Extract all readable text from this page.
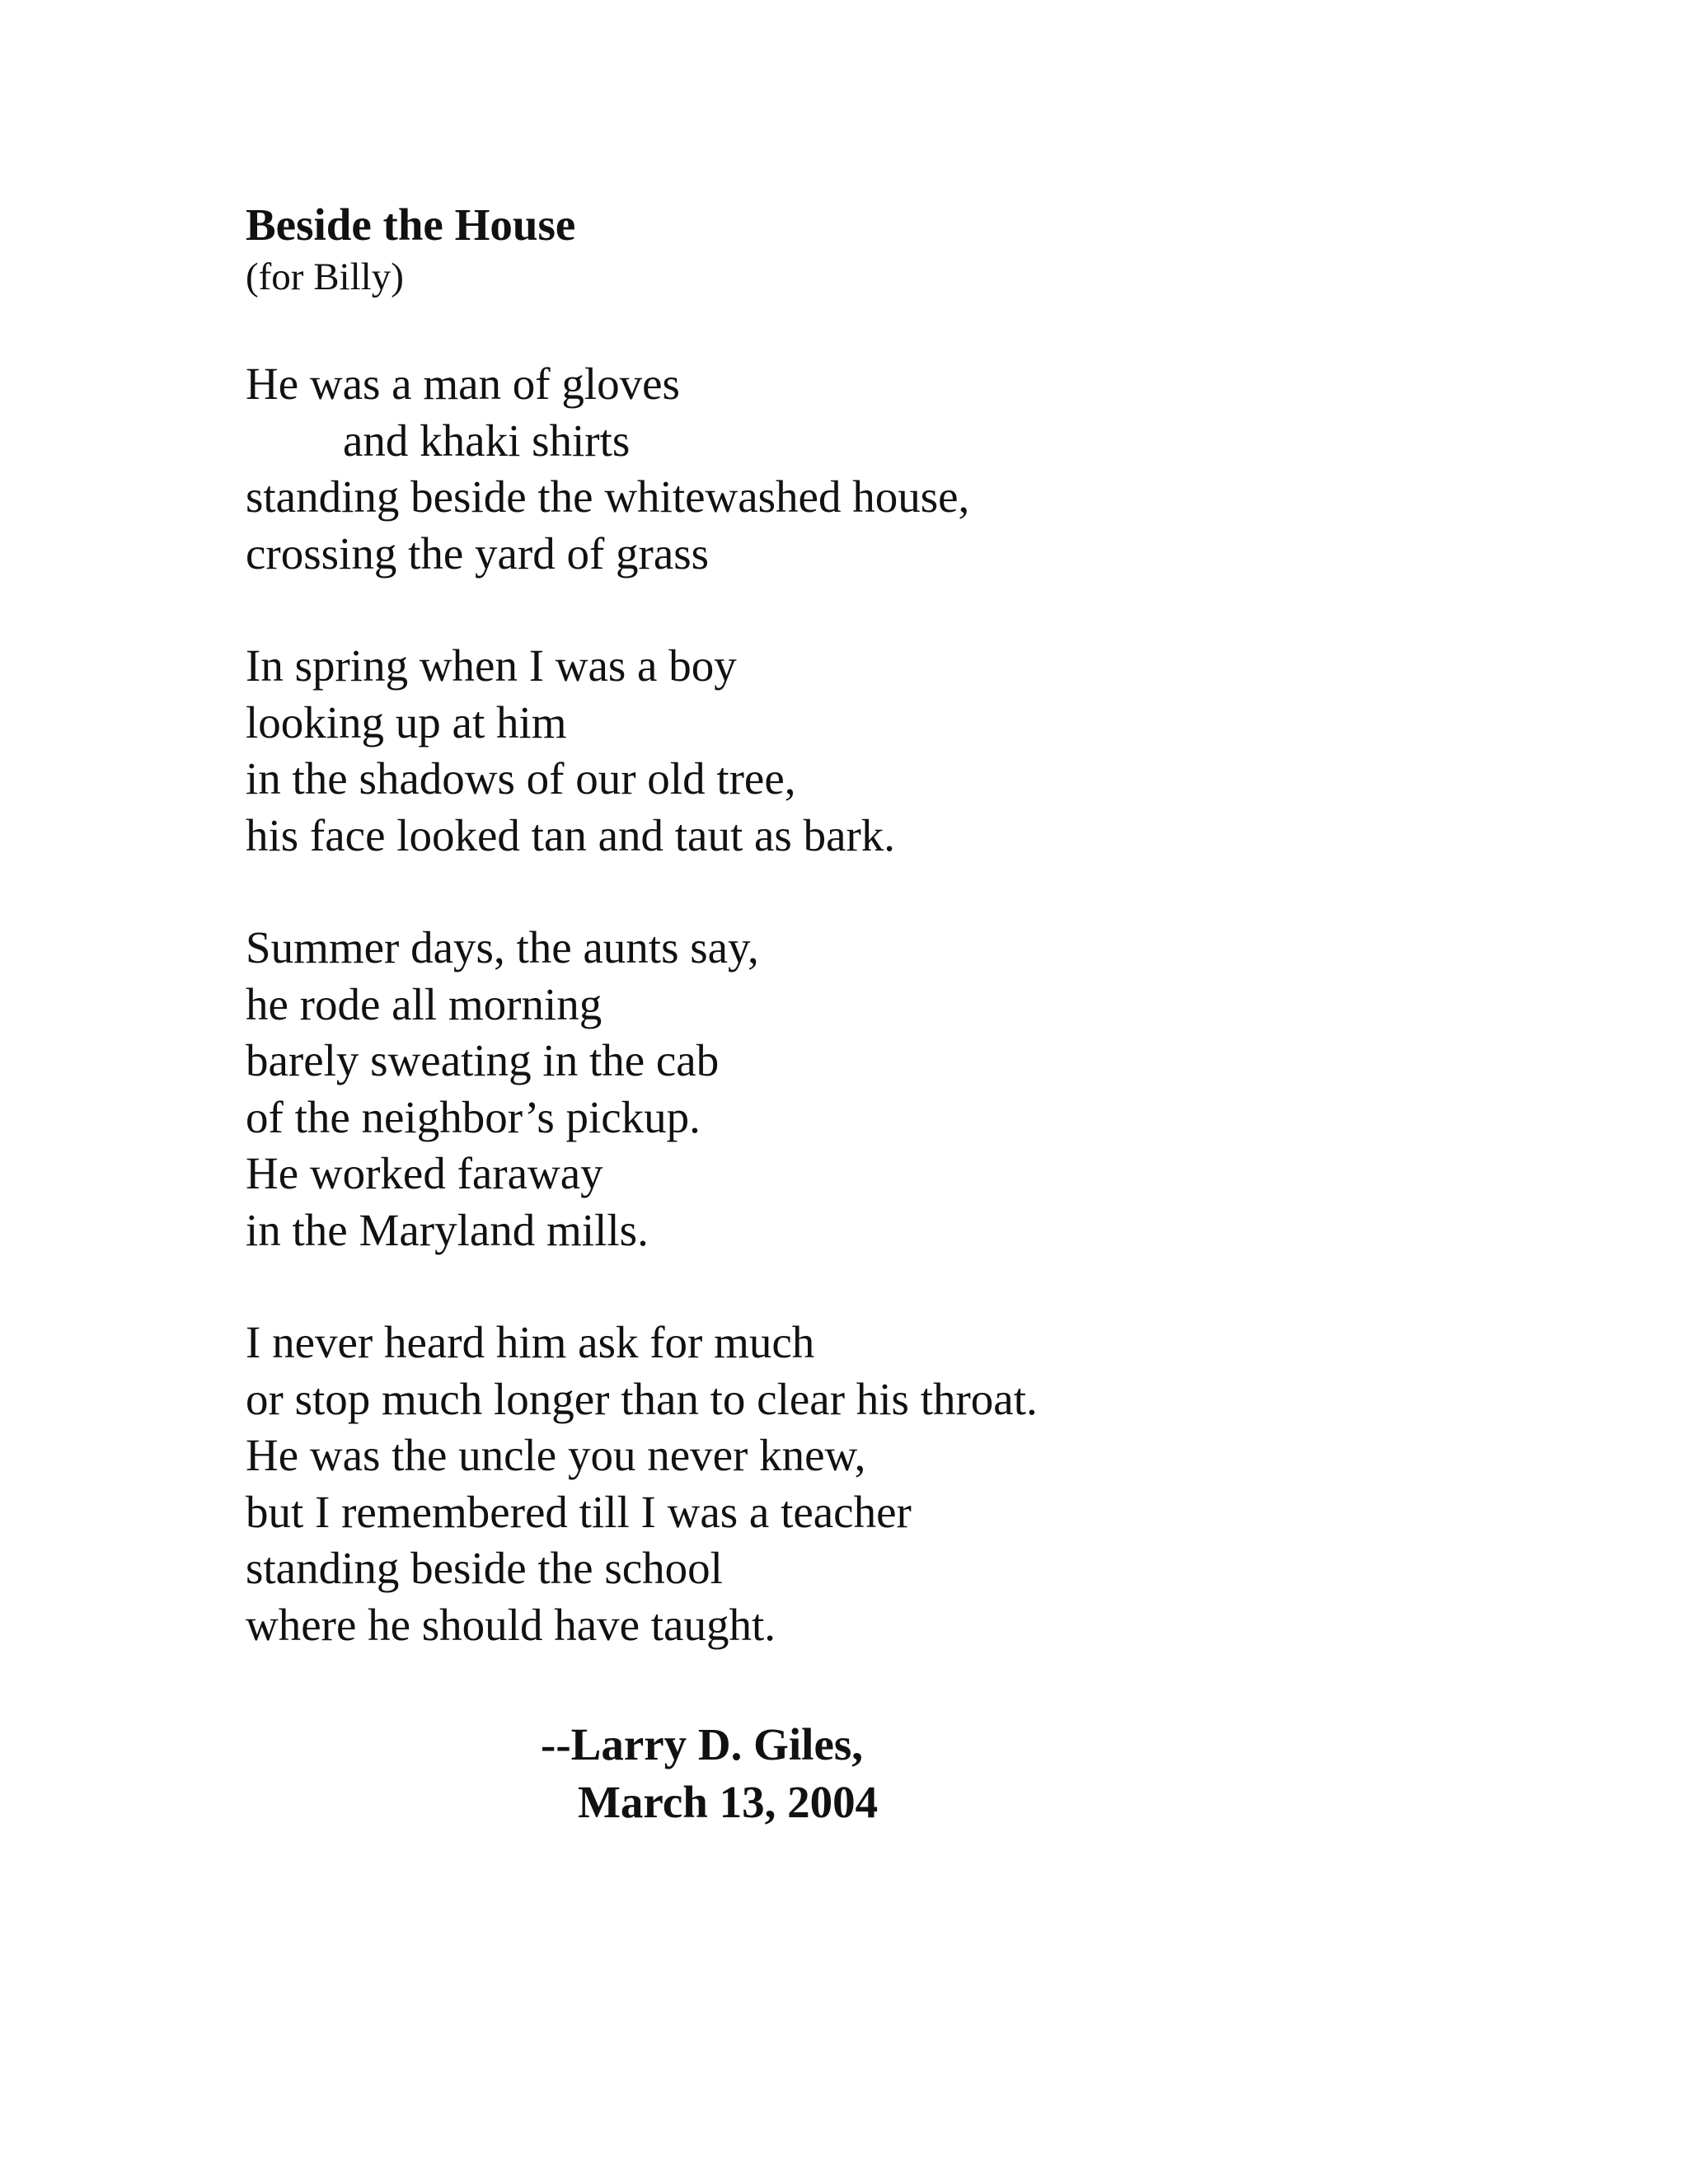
Beside the House
(for Billy)
He was a man of gloves
and khaki shirts
standing beside the whitewashed house,
crossing the yard of grass
In spring when I was a boy
looking up at him
in the shadows of our old tree,
his face looked tan and taut as bark.
Summer days, the aunts say,
he rode all morning
barely sweating in the cab
of the neighbor’s pickup.
He worked faraway
in the Maryland mills.
I never heard him ask for much
or stop much longer than to clear his throat.
He was the uncle you never knew,
but I remembered till I was a teacher
standing beside the school
where he should have taught.
--Larry D. Giles,
March 13, 2004
